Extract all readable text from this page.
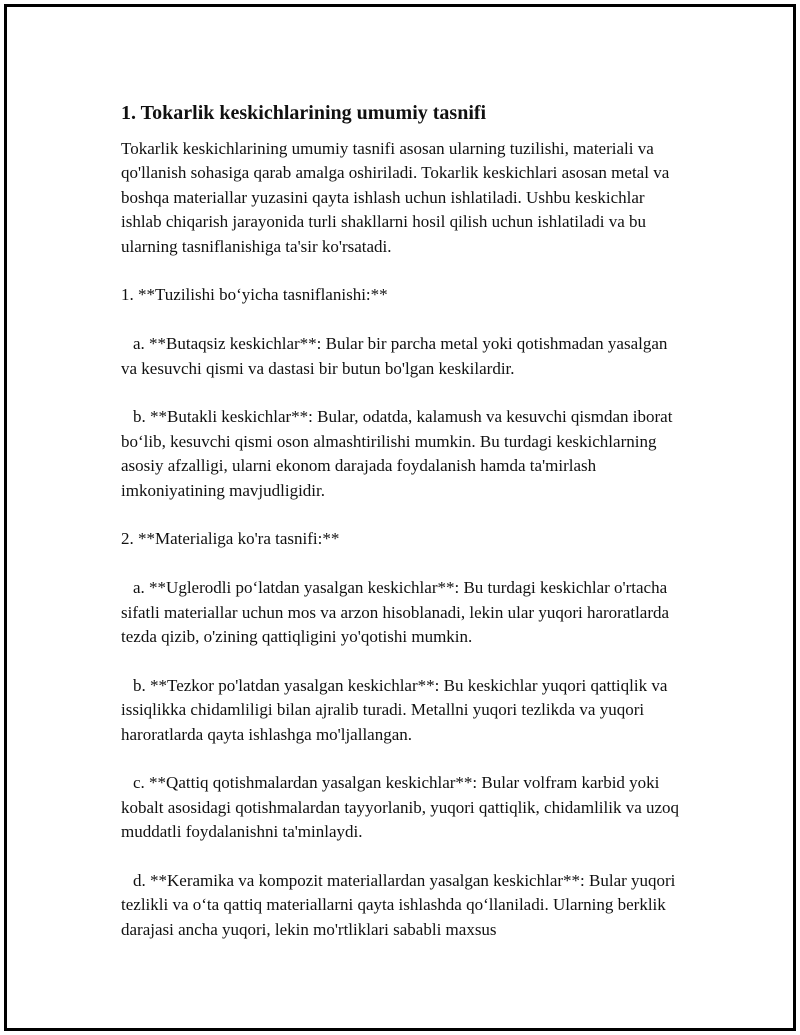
1. Tokarlik keskichlarining umumiy tasnifi

Tokarlik keskichlarining umumiy tasnifi asosan ularning tuzilishi, materiali va qo'llanish sohasiga qarab amalga oshiriladi. Tokarlik keskichlari asosan metal va boshqa materiallar yuzasini qayta ishlash uchun ishlatiladi. Ushbu keskichlar ishlab chiqarish jarayonida turli shakllarni hosil qilish uchun ishlatiladi va bu ularning tasniflanishiga ta'sir ko'rsatadi.

1. **Tuzilishi bo‘yicha tasniflanishi:**

a. **Butaqsiz keskichlar**: Bular bir parcha metal yoki qotishmadan yasalgan va kesuvchi qismi va dastasi bir butun bo'lgan keskilardir.

b. **Butakli keskichlar**: Bular, odatda, kalamush va kesuvchi qismdan iborat bo‘lib, kesuvchi qismi oson almashtirilishi mumkin. Bu turdagi keskichlarning asosiy afzalligi, ularni ekonom darajada foydalanish hamda ta'mirlash imkoniyatining mavjudligidir.

2. **Materialiga ko'ra tasnifi:**

a. **Uglerodli po‘latdan yasalgan keskichlar**: Bu turdagi keskichlar o'rtacha sifatli materiallar uchun mos va arzon hisoblanadi, lekin ular yuqori haroratlarda tezda qizib, o'zining qattiqligini yo'qotishi mumkin.

b. **Tezkor po'latdan yasalgan keskichlar**: Bu keskichlar yuqori qattiqlik va issiqlikka chidamliligi bilan ajralib turadi. Metallni yuqori tezlikda va yuqori haroratlarda qayta ishlashga mo'ljallangan.

c. **Qattiq qotishmalardan yasalgan keskichlar**: Bular volfram karbid yoki kobalt asosidagi qotishmalardan tayyorlanib, yuqori qattiqlik, chidamlilik va uzoq muddatli foydalanishni ta'minlaydi.

d. **Keramika va kompozit materiallardan yasalgan keskichlar**: Bular yuqori tezlikli va o‘ta qattiq materiallarni qayta ishlashda qo‘llaniladi. Ularning berklik darajasi ancha yuqori, lekin mo'rtliklari sababli maxsus
